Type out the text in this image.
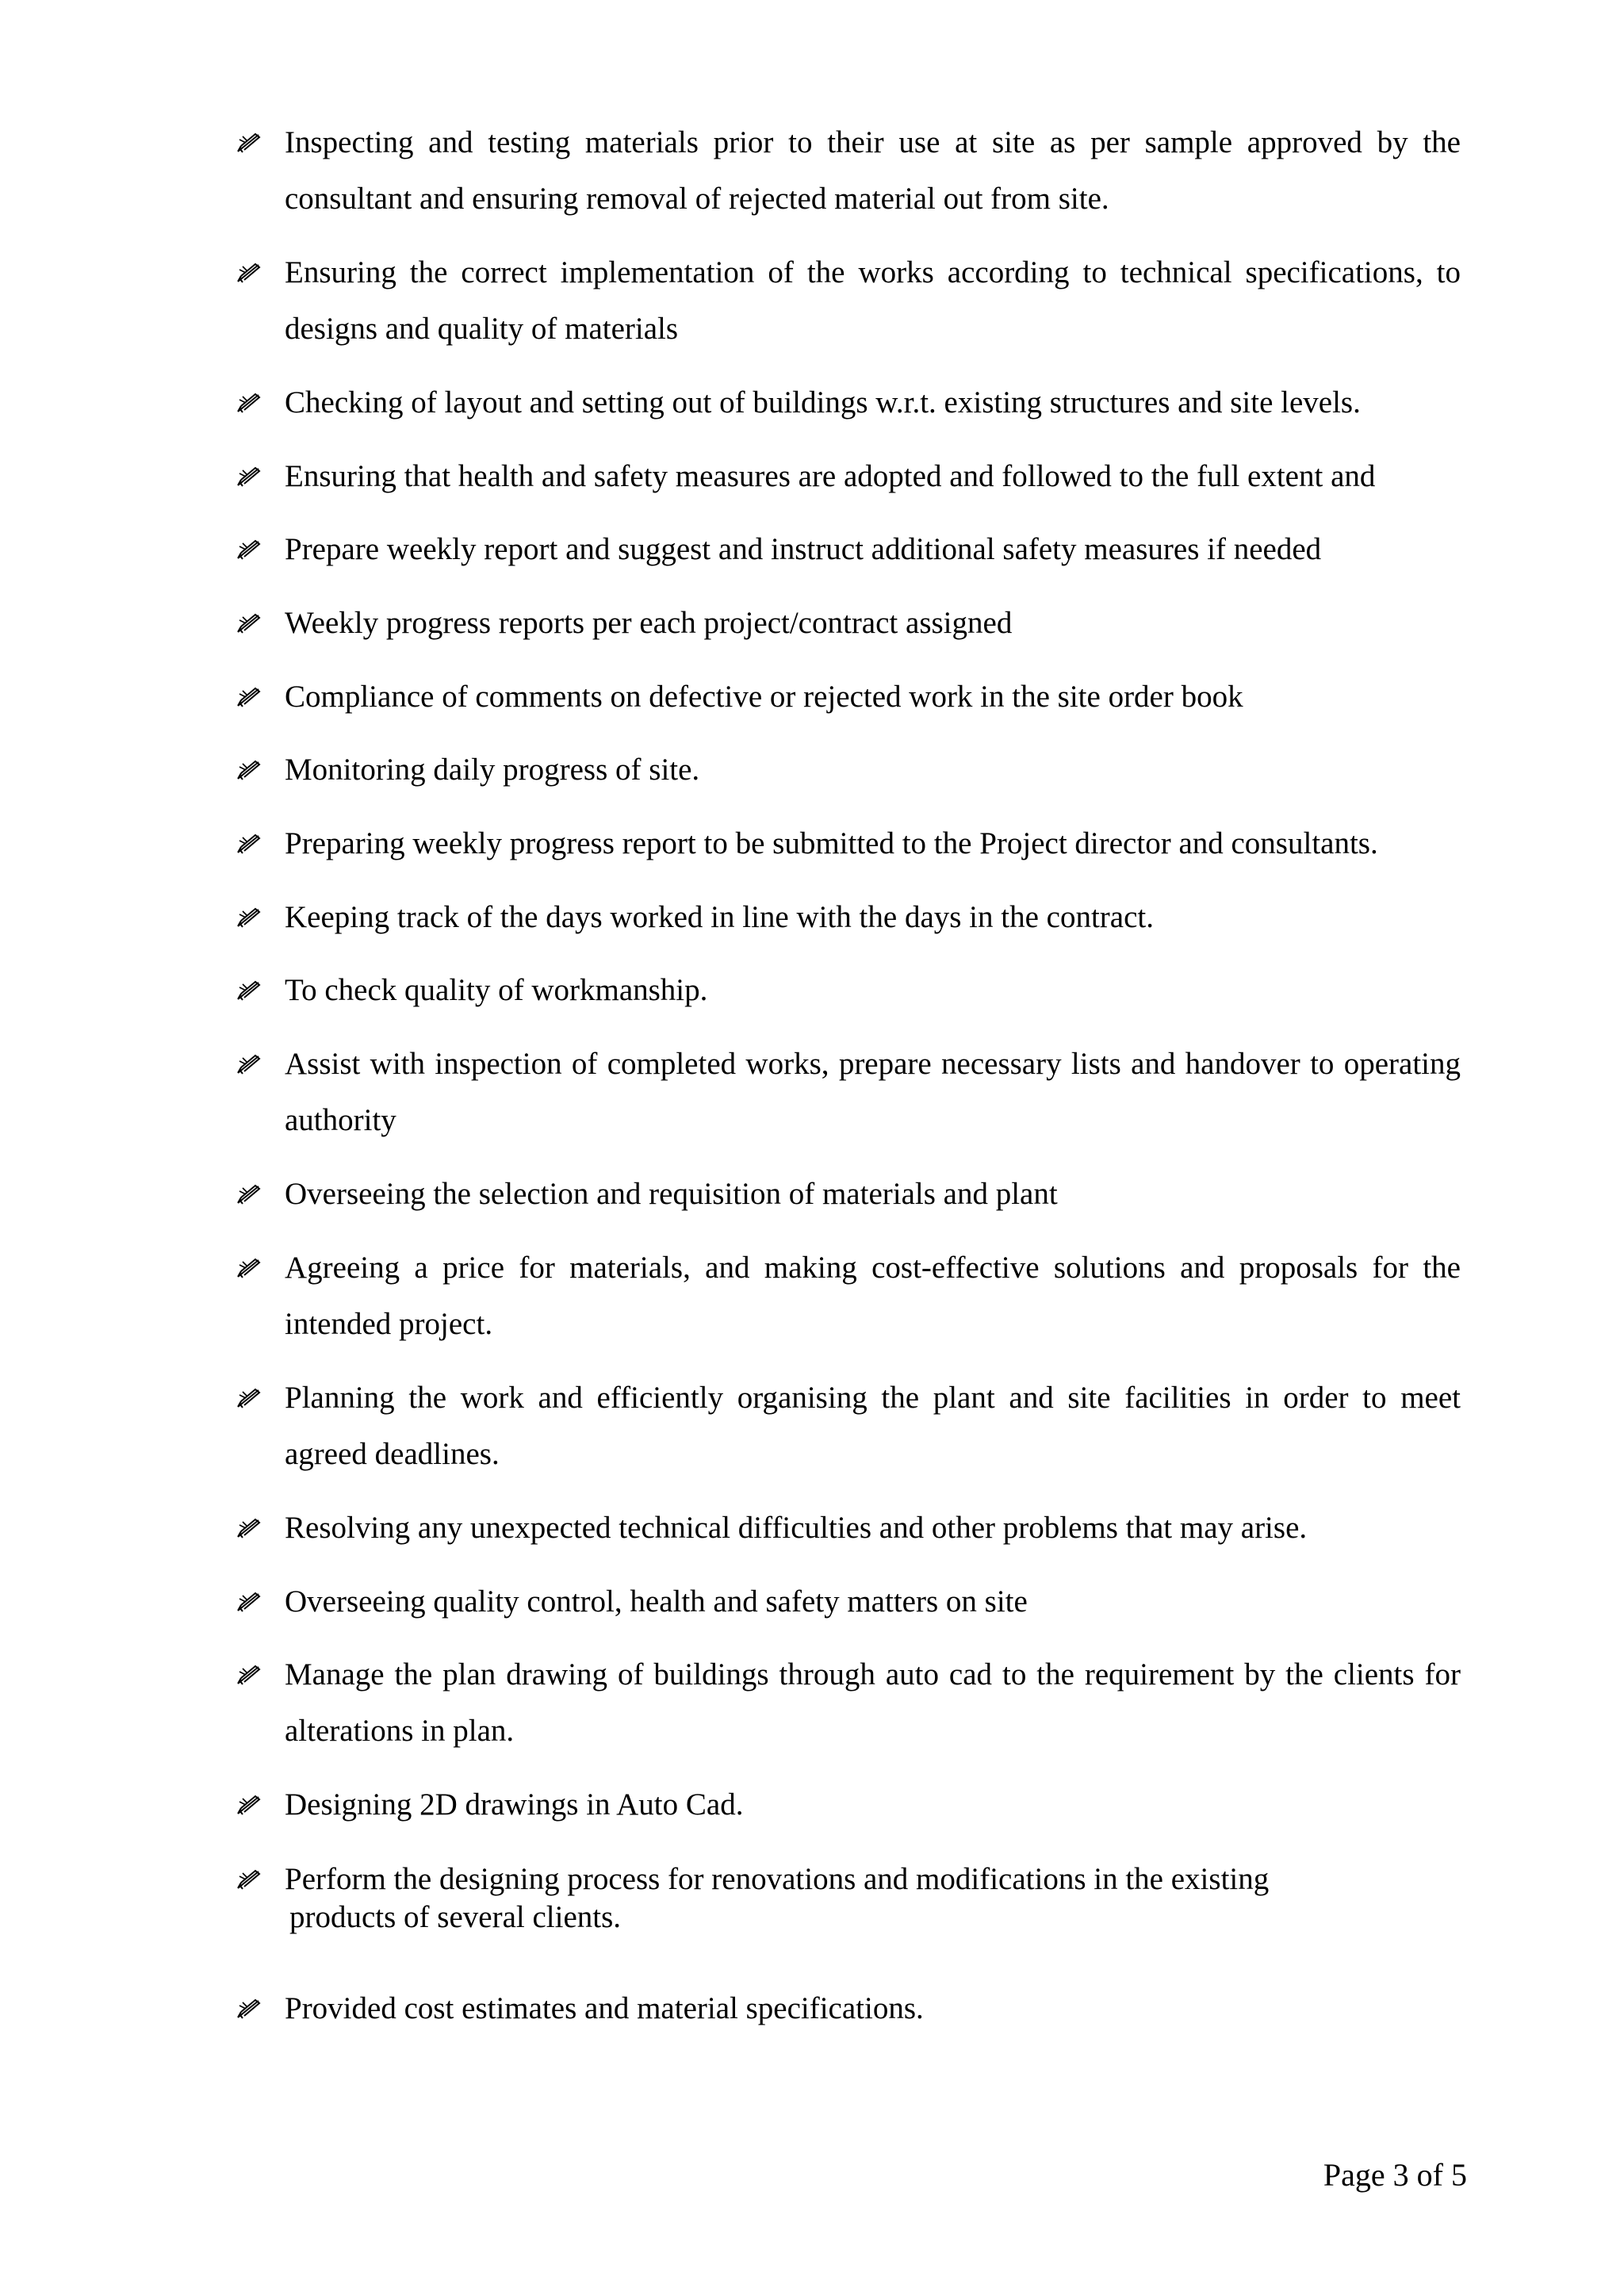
Inspecting and testing materials prior to their use at site as per sample approved by the consultant and ensuring removal of rejected material out from site.
Ensuring the correct implementation of the works according to technical specifications, to designs and quality of materials
Checking of layout and setting out of buildings w.r.t. existing structures and site levels.
Ensuring that health and safety measures are adopted and followed to the full extent and
Prepare weekly report and suggest and instruct additional safety measures if needed
Weekly progress reports per each project/contract assigned
Compliance of comments on defective or rejected work in the site order book
Monitoring daily progress of site.
Preparing weekly progress report to be submitted to the Project director and consultants.
Keeping track of the days worked in line with the days in the contract.
To check quality of workmanship.
Assist with inspection of completed works, prepare necessary lists and handover to operating authority
Overseeing the selection and requisition of materials and plant
Agreeing a price for materials, and making cost-effective solutions and proposals for the intended project.
Planning the work and efficiently organising the plant and site facilities in order to meet agreed deadlines.
Resolving any unexpected technical difficulties and other problems that may arise.
Overseeing quality control, health and safety matters on site
Manage the plan drawing of buildings through auto cad to the requirement by the clients for alterations in plan.
Designing 2D drawings in Auto Cad.
Perform the designing process for renovations and modifications in the existing
products of several clients.
Provided cost estimates and material specifications.
Page 3 of 5
